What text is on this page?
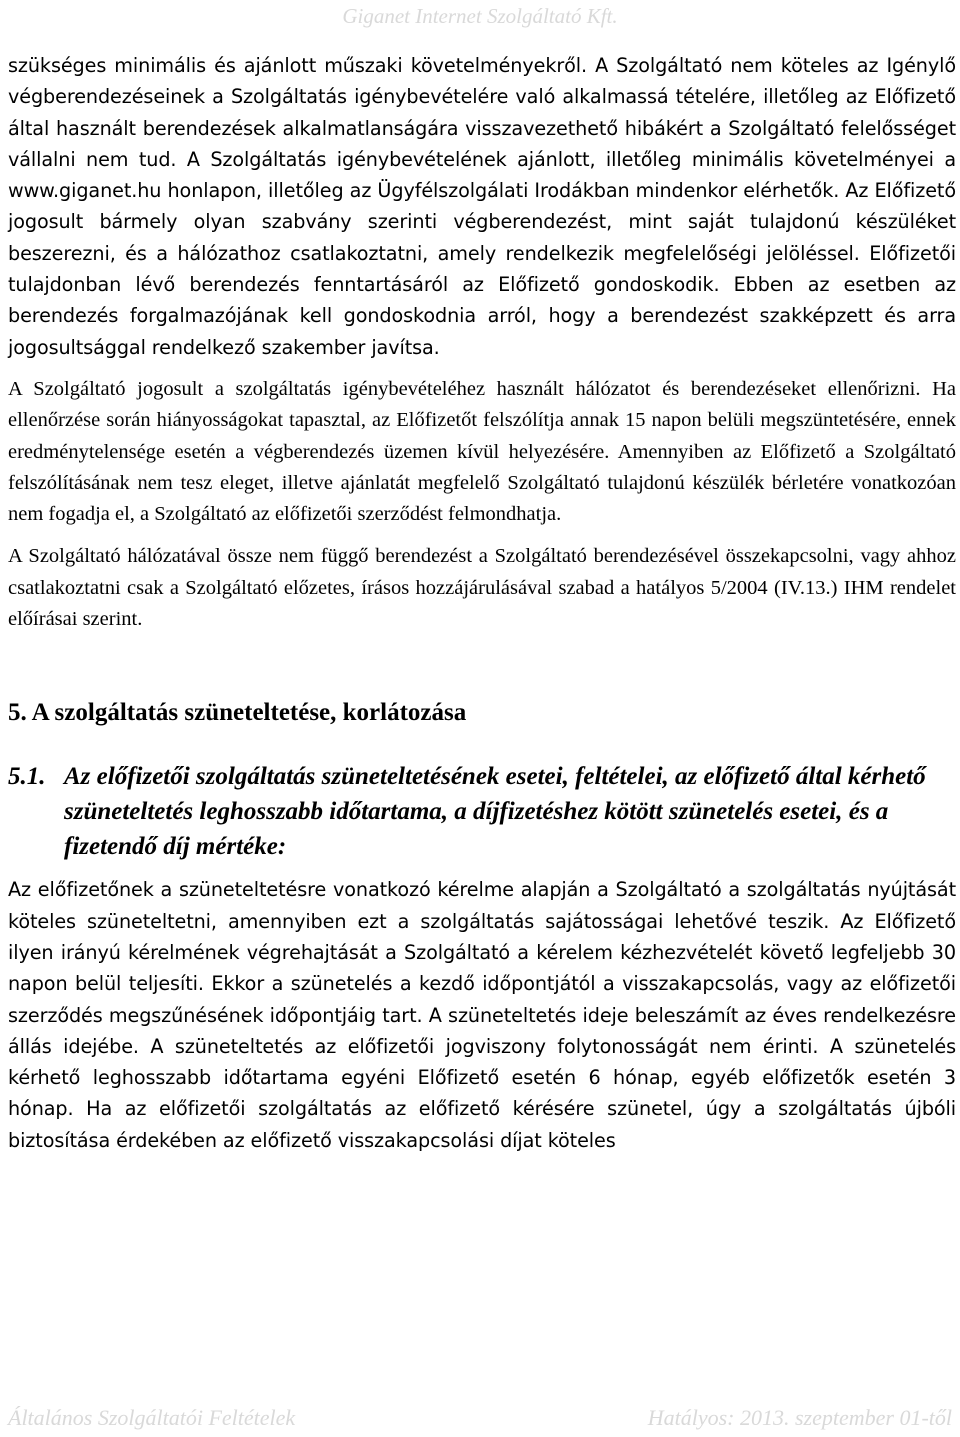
Giganet Internet Szolgáltató Kft.

szükséges minimális és ajánlott műszaki követelményekről. A Szolgáltató nem köteles az Igénylő végberendezéseinek a Szolgáltatás igénybevételére való alkalmassá tételére, illetőleg az Előfizető által használt berendezések alkalmatlanságára visszavezethető hibákért a Szolgáltató felelősséget vállalni nem tud. A Szolgáltatás igénybevételének ajánlott, illetőleg minimális követelményei a www.giganet.hu honlapon, illetőleg az Ügyfélszolgálati Irodákban mindenkor elérhetők. Az Előfizető jogosult bármely olyan szabvány szerinti végberendezést, mint saját tulajdonú készüléket beszerezni, és a hálózathoz csatlakoztatni, amely rendelkezik megfelelőségi jelöléssel. Előfizetői tulajdonban lévő berendezés fenntartásáról az Előfizető gondoskodik. Ebben az esetben az berendezés forgalmazójának kell gondoskodnia arról, hogy a berendezést szakképzett és arra jogosultsággal rendelkező szakember javítsa.

A Szolgáltató jogosult a szolgáltatás igénybevételéhez használt hálózatot és berendezéseket ellenőrizni. Ha ellenőrzése során hiányosságokat tapasztal, az Előfizetőt felszólítja annak 15 napon belüli megszüntetésére, ennek eredménytelensége esetén a végberendezés üzemen kívül helyezésére. Amennyiben az Előfizető a Szolgáltató felszólításának nem tesz eleget, illetve ajánlatát megfelelő Szolgáltató tulajdonú készülék bérletére vonatkozóan nem fogadja el, a Szolgáltató az előfizetői szerződést felmondhatja.

A Szolgáltató hálózatával össze nem függő berendezést a Szolgáltató berendezésével összekapcsolni, vagy ahhoz csatlakoztatni csak a Szolgáltató előzetes, írásos hozzájárulásával szabad a hatályos 5/2004 (IV.13.) IHM rendelet előírásai szerint.

5. A szolgáltatás szüneteltetése, korlátozása
5.1. Az előfizetői szolgáltatás szüneteltetésének esetei, feltételei, az előfizető által kérhető szüneteltetés leghosszabb időtartama, a díjfizetéshez kötött szünetelés esetei, és a fizetendő díj mértéke:

Az előfizetőnek a szüneteltetésre vonatkozó kérelme alapján a Szolgáltató a szolgáltatás nyújtását köteles szüneteltetni, amennyiben ezt a szolgáltatás sajátosságai lehetővé teszik. Az Előfizető ilyen irányú kérelmének végrehajtását a Szolgáltató a kérelem kézhezvételét követő legfeljebb 30 napon belül teljesíti. Ekkor a szünetelés a kezdő időpontjától a visszakapcsolás, vagy az előfizetői szerződés megszűnésének időpontjáig tart. A szüneteltetés ideje beleszámít az éves rendelkezésre állás idejébe. A szüneteltetés az előfizetői jogviszony folytonosságát nem érinti. A szünetelés kérhető leghosszabb időtartama egyéni Előfizető esetén 6 hónap, egyéb előfizetők esetén 3 hónap. Ha az előfizetői szolgáltatás az előfizető kérésére szünetel, úgy a szolgáltatás újbóli biztosítása érdekében az előfizető visszakapcsolási díjat köteles

Általános Szolgáltatói Feltételek	Hatályos: 2013. szeptember 01-től
